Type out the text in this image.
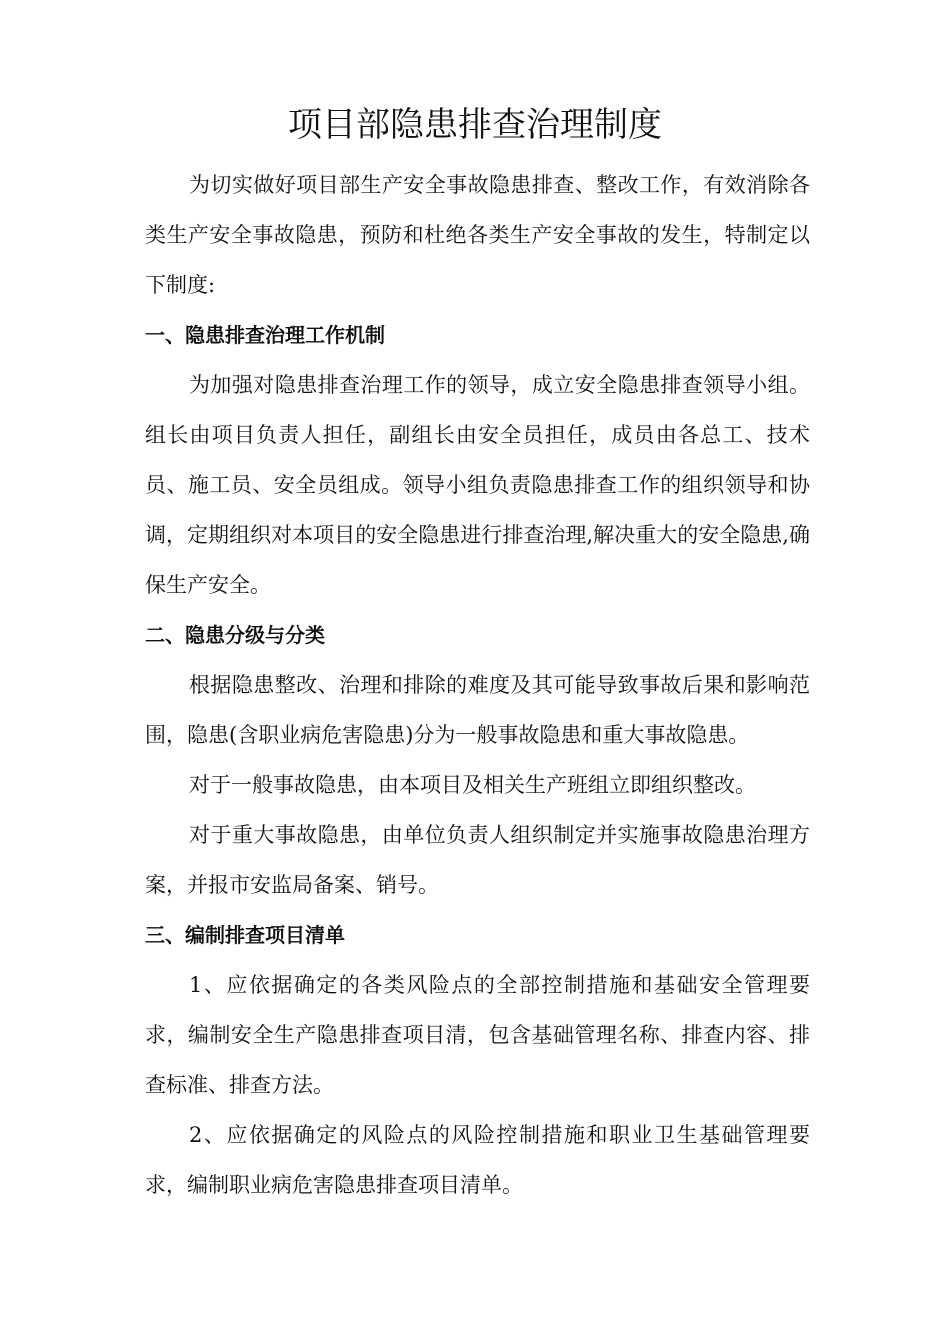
项目部隐患排查治理制度

为切实做好项目部生产安全事故隐患排查、整改工作，有效消除各类生产安全事故隐患，预防和杜绝各类生产安全事故的发生，特制定以下制度:

一、隐患排查治理工作机制

为加强对隐患排查治理工作的领导，成立安全隐患排查领导小组。组长由项目负责人担任，副组长由安全员担任，成员由各总工、技术员、施工员、安全员组成。领导小组负责隐患排查工作的组织领导和协调，定期组织对本项目的安全隐患进行排查治理,解决重大的安全隐患,确保生产安全。

二、隐患分级与分类

根据隐患整改、治理和排除的难度及其可能导致事故后果和影响范围，隐患(含职业病危害隐患)分为一般事故隐患和重大事故隐患。

对于一般事故隐患，由本项目及相关生产班组立即组织整改。

对于重大事故隐患，由单位负责人组织制定并实施事故隐患治理方案，并报市安监局备案、销号。

三、编制排查项目清单

1、应依据确定的各类风险点的全部控制措施和基础安全管理要求，编制安全生产隐患排查项目清，包含基础管理名称、排查内容、排查标准、排查方法。

2、应依据确定的风险点的风险控制措施和职业卫生基础管理要求，编制职业病危害隐患排查项目清单。
